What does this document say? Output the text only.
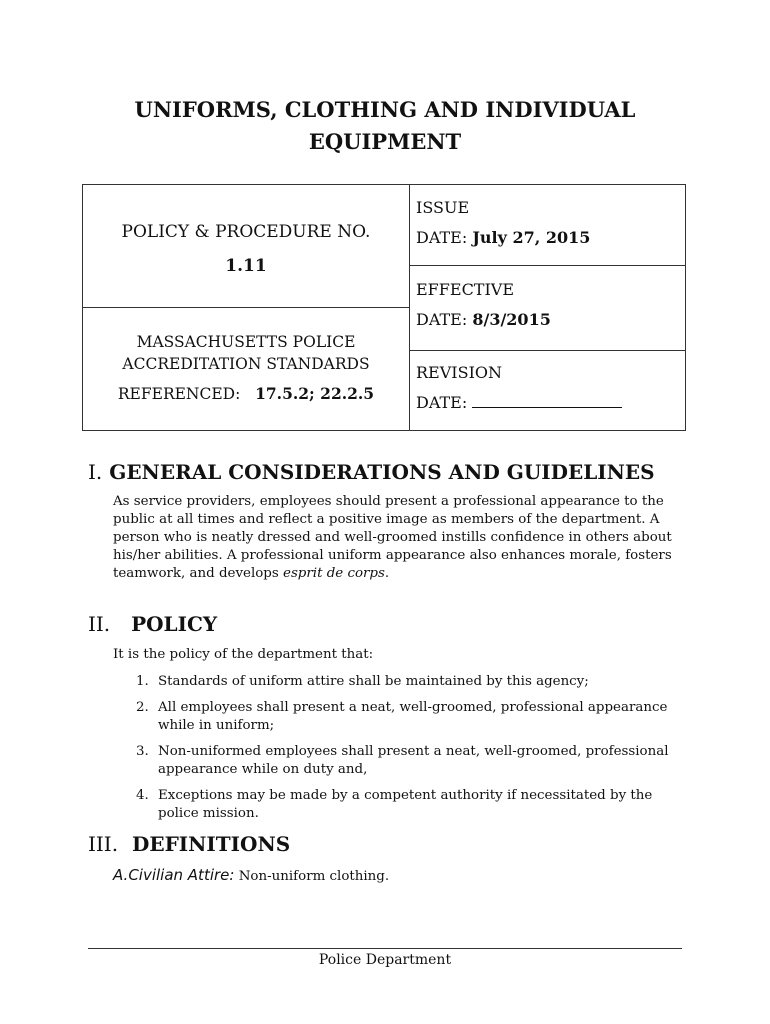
UNIFORMS, CLOTHING AND INDIVIDUAL
EQUIPMENT
POLICY & PROCEDURE NO.
1.11
MASSACHUSETTS POLICE
ACCREDITATION STANDARDS
REFERENCED: 17.5.2; 22.2.5
ISSUE
DATE: July 27, 2015
EFFECTIVE
DATE: 8/3/2015
REVISION
DATE:
I. GENERAL CONSIDERATIONS AND GUIDELINES
As service providers, employees should present a professional appearance to the public at all times and reflect a positive image as members of the department. A person who is neatly dressed and well-groomed instills confidence in others about his/her abilities. A professional uniform appearance also enhances morale, fosters teamwork, and develops esprit de corps.
II. POLICY
It is the policy of the department that:
1. Standards of uniform attire shall be maintained by this agency;
2. All employees shall present a neat, well-groomed, professional appearance while in uniform;
3. Non-uniformed employees shall present a neat, well-groomed, professional appearance while on duty and,
4. Exceptions may be made by a competent authority if necessitated by the police mission.
III. DEFINITIONS
A.Civilian Attire: Non-uniform clothing.
Police Department
